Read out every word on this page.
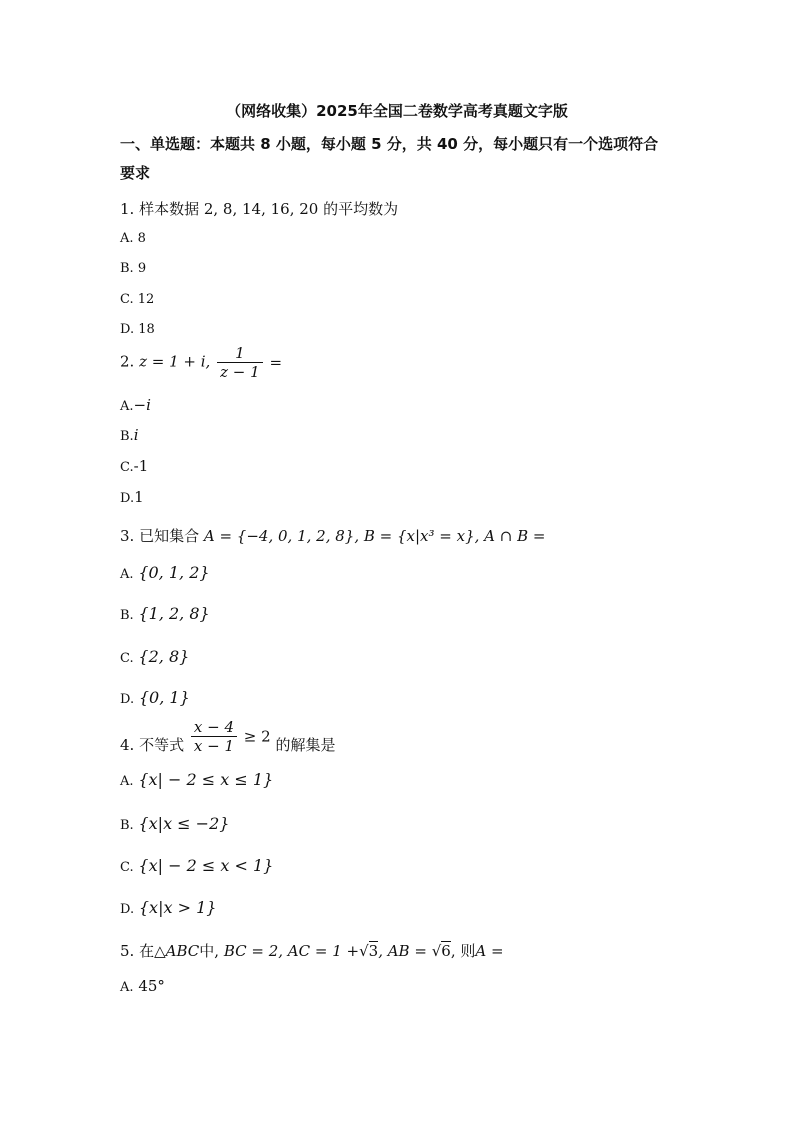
（网络收集）2025年全国二卷数学高考真题文字版
一、单选题：本题共 8 小题，每小题 5 分，共 40 分，每小题只有一个选项符合
要求
1. 样本数据 2, 8, 14, 16, 20 的平均数为
A. 8
B. 9
C. 12
D. 18
2. z = 1 + i, $\frac{1}{z - 1}$ =
A.−i
B.i
C.-1
D.1
3. 已知集合 A = {−4, 0, 1, 2, 8}, B = {x|x³ = x}, A ∩ B =
A. {0, 1, 2}
B. {1, 2, 8}
C. {2, 8}
D. {0, 1}
4. 不等式 $\frac{x - 4}{x - 1} \ge 2$ 的解集是
A. {x| − 2 ≤ x ≤ 1}
B. {x|x ≤ −2}
C. {x| − 2 ≤ x < 1}
D. {x|x > 1}
5. 在△ABC中, BC = 2, AC = 1 +√3, AB = √6, 则A =
A. 45°
